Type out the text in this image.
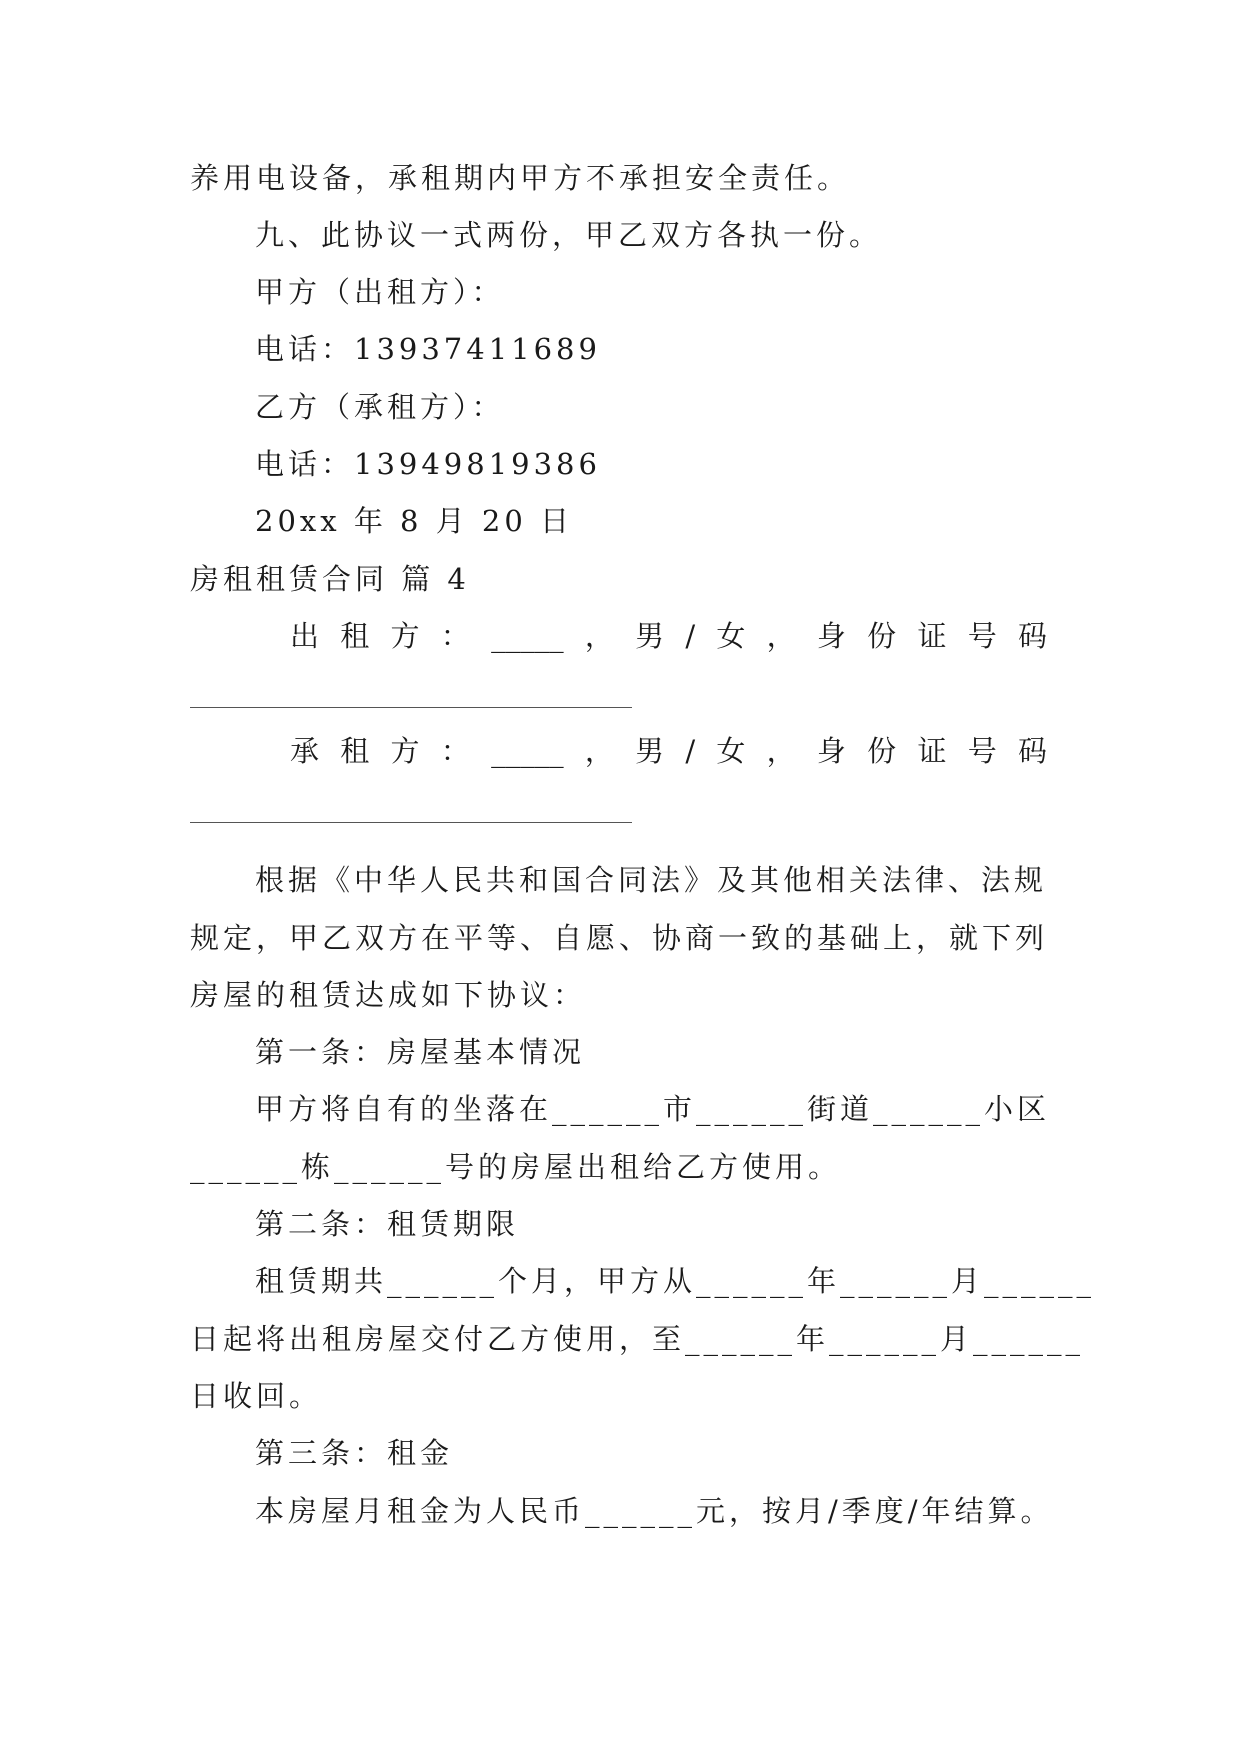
养用电设备，承租期内甲方不承担安全责任。
九、此协议一式两份，甲乙双方各执一份。
甲方（出租方）：
电话：13937411689
乙方（承租方）：
电话：13949819386
20xx 年 8 月 20 日
房租租赁合同 篇 4
出 租 方 ： _____ ， 男 / 女 ， 身 份 证 号 码
承 租 方 ： _____ ， 男 / 女 ， 身 份 证 号 码
根据《中华人民共和国合同法》及其他相关法律、法规
规定，甲乙双方在平等、自愿、协商一致的基础上，就下列
房屋的租赁达成如下协议：
第一条：房屋基本情况
甲方将自有的坐落在______市______街道______小区
______栋______号的房屋出租给乙方使用。
第二条：租赁期限
租赁期共______个月，甲方从______年______月______
日起将出租房屋交付乙方使用，至______年______月______
日收回。
第三条：租金
本房屋月租金为人民币______元，按月/季度/年结算。
